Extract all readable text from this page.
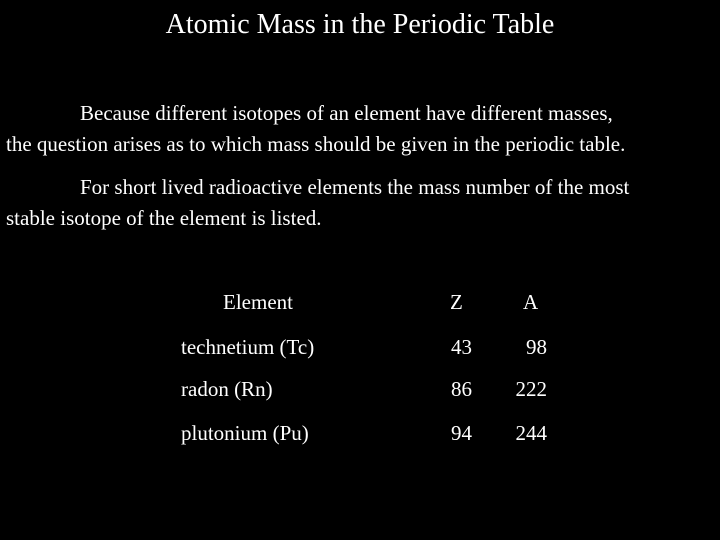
Atomic Mass in the Periodic Table
Because different isotopes of an element have different masses,
the question arises as to which mass should be given in the periodic table.
For short lived radioactive elements the mass number of the most
stable isotope of the element is listed.
Element	Z	A
technetium (Tc)	43	98
radon (Rn)	86	222
plutonium (Pu)	94	244
